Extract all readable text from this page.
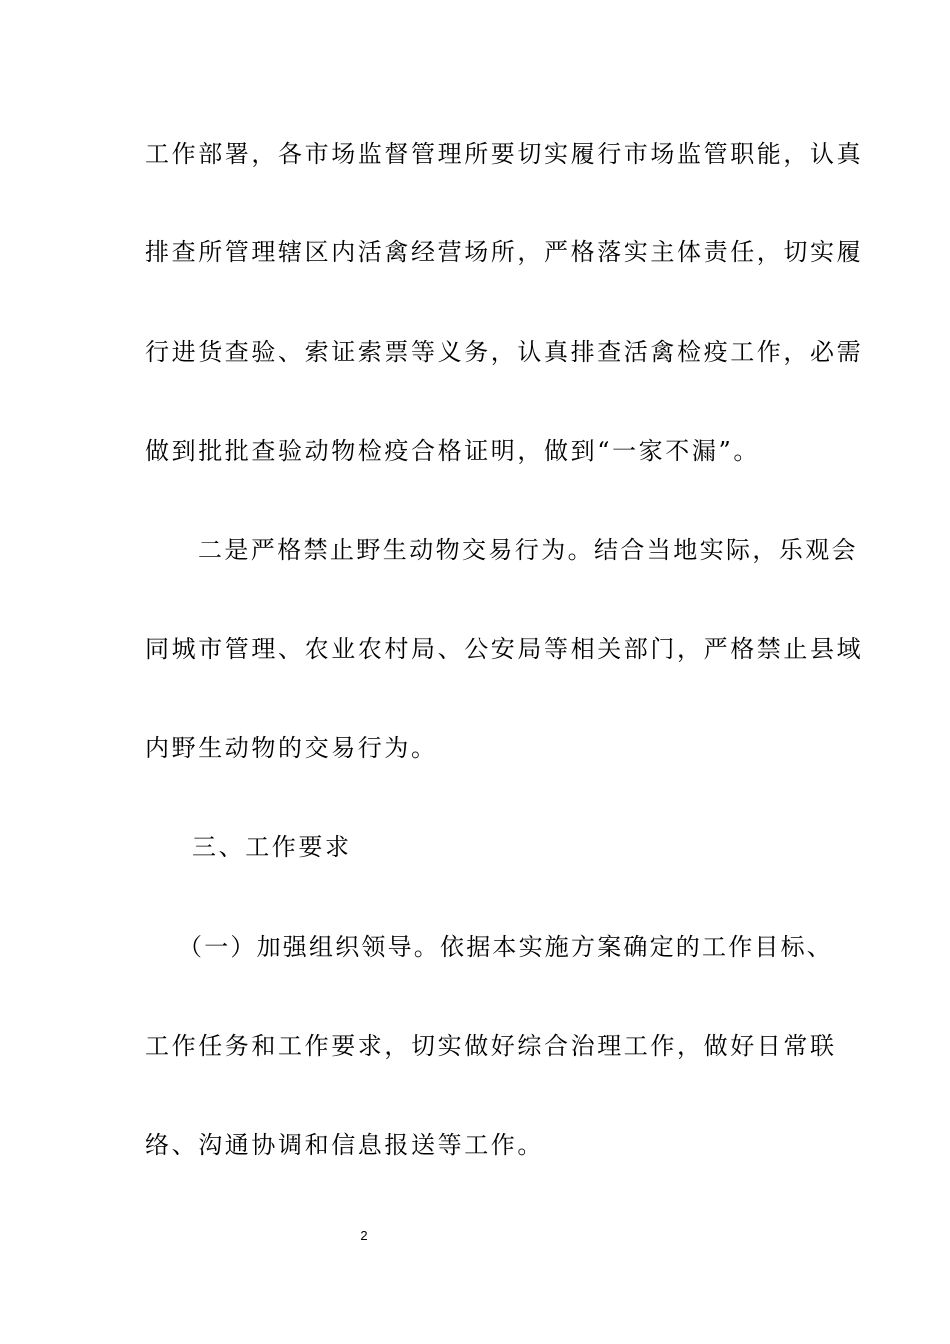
工作部署，各市场监督管理所要切实履行市场监管职能，认真
排查所管理辖区内活禽经营场所，严格落实主体责任，切实履
行进货查验、索证索票等义务，认真排查活禽检疫工作，必需
做到批批查验动物检疫合格证明，做到“一家不漏”。
二是严格禁止野生动物交易行为。结合当地实际，乐观会
同城市管理、农业农村局、公安局等相关部门，严格禁止县域
内野生动物的交易行为。
三、工作要求
（一）加强组织领导。依据本实施方案确定的工作目标、
工作任务和工作要求，切实做好综合治理工作，做好日常联
络、沟通协调和信息报送等工作。
2
